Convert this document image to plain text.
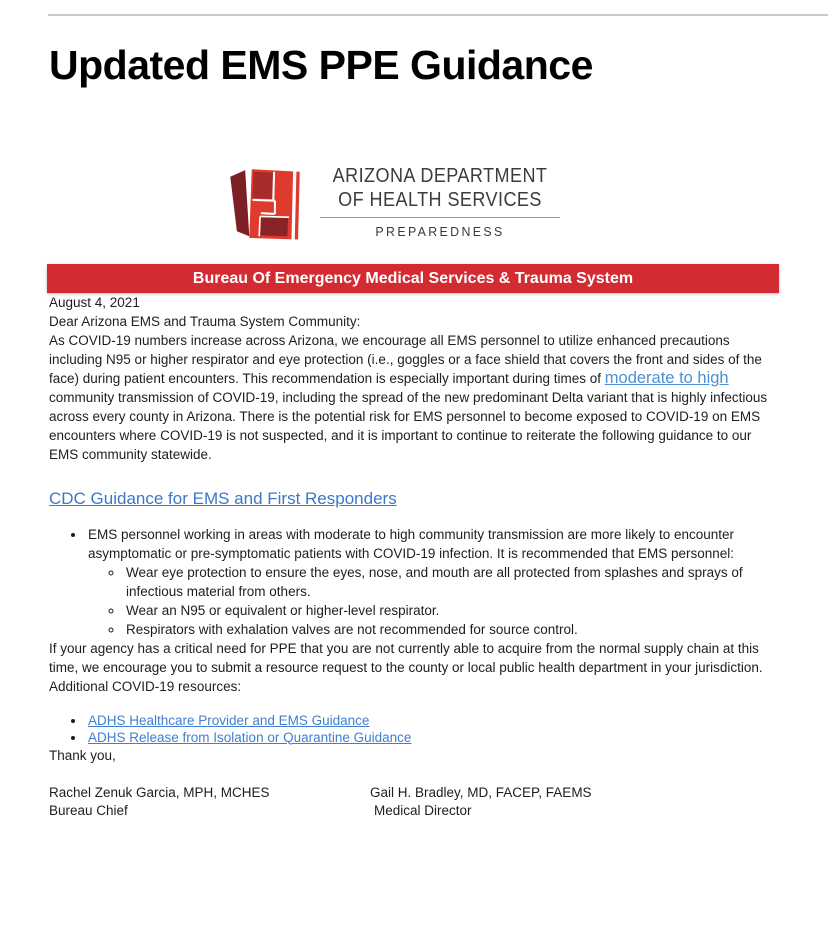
Updated EMS PPE Guidance
ARIZONA DEPARTMENT
OF HEALTH SERVICES
PREPAREDNESS
Bureau Of Emergency Medical Services & Trauma System

August 4, 2021

Dear Arizona EMS and Trauma System Community:

As COVID-19 numbers increase across Arizona, we encourage all EMS personnel to utilize enhanced precautions including N95 or higher respirator and eye protection (i.e., goggles or a face shield that covers the front and sides of the face) during patient encounters. This recommendation is especially important during times of moderate to high community transmission of COVID-19, including the spread of the new predominant Delta variant that is highly infectious across every county in Arizona. There is the potential risk for EMS personnel to become exposed to COVID-19 on EMS encounters where COVID-19 is not suspected, and it is important to continue to reiterate the following guidance to our EMS community statewide.

CDC Guidance for EMS and First Responders
• EMS personnel working in areas with moderate to high community transmission are more likely to encounter asymptomatic or pre-symptomatic patients with COVID-19 infection. It is recommended that EMS personnel:
◦ Wear eye protection to ensure the eyes, nose, and mouth are all protected from splashes and sprays of infectious material from others.
◦ Wear an N95 or equivalent or higher-level respirator.
◦ Respirators with exhalation valves are not recommended for source control.

If your agency has a critical need for PPE that you are not currently able to acquire from the normal supply chain at this time, we encourage you to submit a resource request to the county or local public health department in your jurisdiction.

Additional COVID-19 resources:

• ADHS Healthcare Provider and EMS Guidance
• ADHS Release from Isolation or Quarantine Guidance

Thank you,

Rachel Zenuk Garcia, MPH, MCHES
Bureau Chief
Gail H. Bradley, MD, FACEP, FAEMS
Medical Director
